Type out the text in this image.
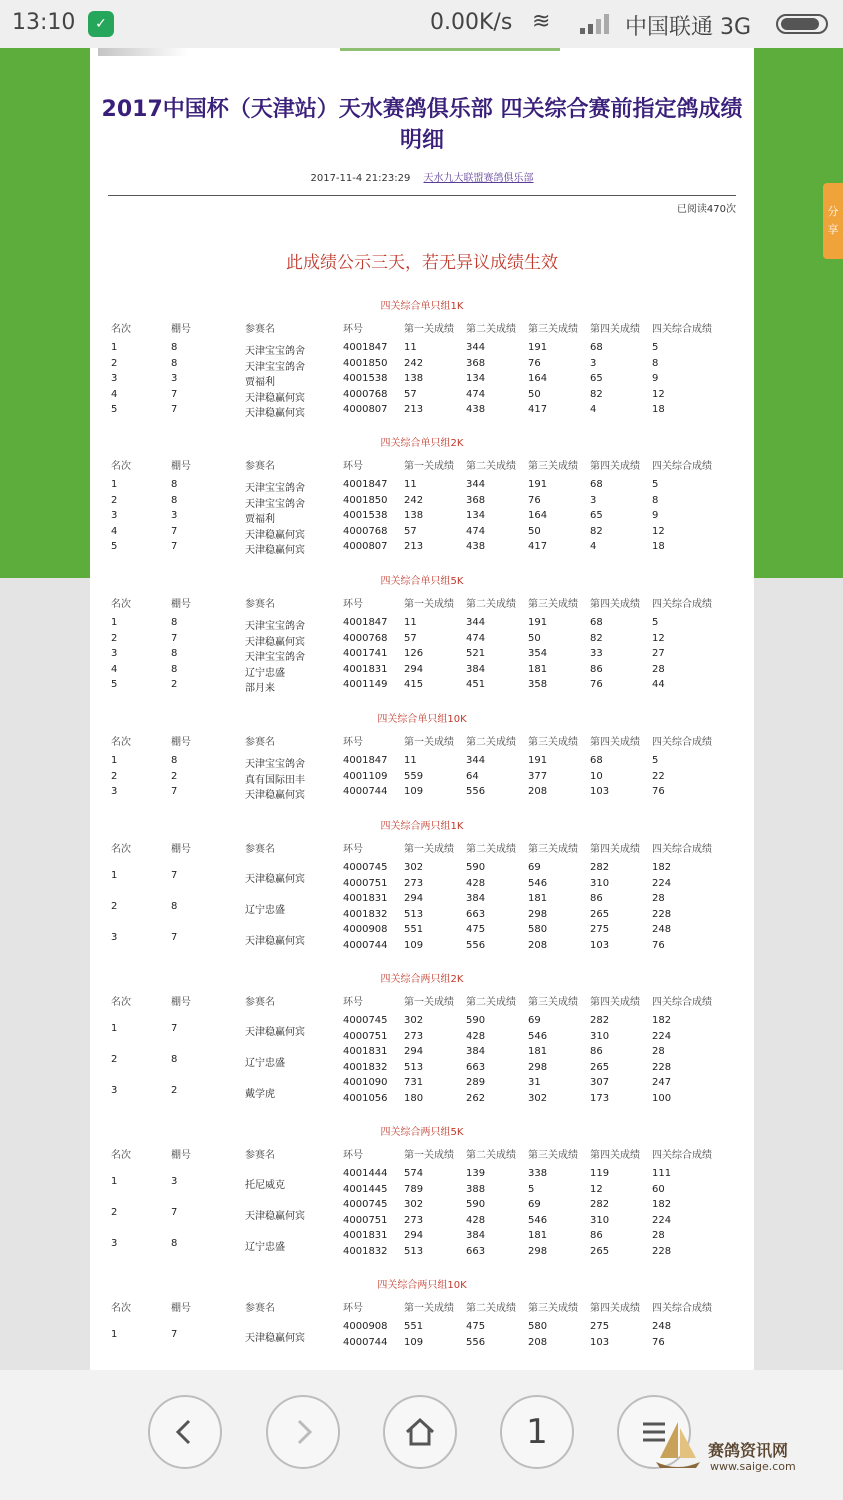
13:10	✓	0.00K/s ≋	中国联通 3G
2017中国杯（天津站）天水赛鸽俱乐部 四关综合赛前指定鸽成绩明细
2017-11-4 21:23:29 天水九大联盟赛鸽俱乐部
已阅读470次
此成绩公示三天，若无异议成绩生效
四关综合单只组1K
名次	棚号	参赛名	环号	第一关成绩 第二关成绩 第三关成绩 第四关成绩 四关综合成绩
1	8	天津宝宝鸽舍	4001847 11	344	191	68	5
2	8	天津宝宝鸽舍	4001850 242	368	76	3	8
3	3	贾福利	4001538 138	134	164	65	9
4	7	天津稳赢何宾	4000768 57	474	50	82	12
5	7	天津稳赢何宾	4000807 213	438	417	4	18
四关综合单只组2K
名次	棚号	参赛名	环号	第一关成绩 第二关成绩 第三关成绩 第四关成绩 四关综合成绩
1	8	天津宝宝鸽舍	4001847 11	344	191	68	5
2	8	天津宝宝鸽舍	4001850 242	368	76	3	8
3	3	贾福利	4001538 138	134	164	65	9
4	7	天津稳赢何宾	4000768 57	474	50	82	12
5	7	天津稳赢何宾	4000807 213	438	417	4	18
四关综合单只组5K
名次	棚号	参赛名	环号	第一关成绩 第二关成绩 第三关成绩 第四关成绩 四关综合成绩
1	8	天津宝宝鸽舍	4001847 11	344	191	68	5
2	7	天津稳赢何宾	4000768 57	474	50	82	12
3	8	天津宝宝鸽舍	4001741 126	521	354	33	27
4	8	辽宁忠盛	4001831 294	384	181	86	28
5	2	部月来	4001149 415	451	358	76	44
四关综合单只组10K
名次	棚号	参赛名	环号	第一关成绩 第二关成绩 第三关成绩 第四关成绩 四关综合成绩
1	8	天津宝宝鸽舍	4001847 11	344	191	68	5
2	2	真有国际田丰	4001109 559	64	377	10	22
3	7	天津稳赢何宾	4000744 109	556	208	103	76
四关综合两只组1K
名次	棚号	参赛名	环号	第一关成绩 第二关成绩 第三关成绩 第四关成绩 四关综合成绩
1	7	天津稳赢何宾
4000745 302	590	69	282	182
4000751 273	428	546	310	224
2	8	辽宁忠盛
4001831 294	384	181	86	28
4001832 513	663	298	265	228
3	7	天津稳赢何宾
4000908 551	475	580	275	248
4000744 109	556	208	103	76
四关综合两只组2K
名次	棚号	参赛名	环号	第一关成绩 第二关成绩 第三关成绩 第四关成绩 四关综合成绩
1	7	天津稳赢何宾
4000745 302	590	69	282	182
4000751 273	428	546	310	224
2	8	辽宁忠盛
4001831 294	384	181	86	28
4001832 513	663	298	265	228
3	2	戴学虎
4001090 731	289	31	307	247
4001056 180	262	302	173	100
四关综合两只组5K
名次	棚号	参赛名	环号	第一关成绩 第二关成绩 第三关成绩 第四关成绩 四关综合成绩
1	3	托尼威克
4001444 574	139	338	119	111
4001445 789	388	5	12	60
2	7	天津稳赢何宾
4000745 302	590	69	282	182
4000751 273	428	546	310	224
3	8	辽宁忠盛
4001831 294	384	181	86	28
4001832 513	663	298	265	228
四关综合两只组10K
名次	棚号	参赛名	环号	第一关成绩 第二关成绩 第三关成绩 第四关成绩 四关综合成绩
1	7	天津稳赢何宾
4000908 551	475	580	275	248
4000744 109	556	208	103	76
分
享
1	赛鸽资讯网
www.saige.com
